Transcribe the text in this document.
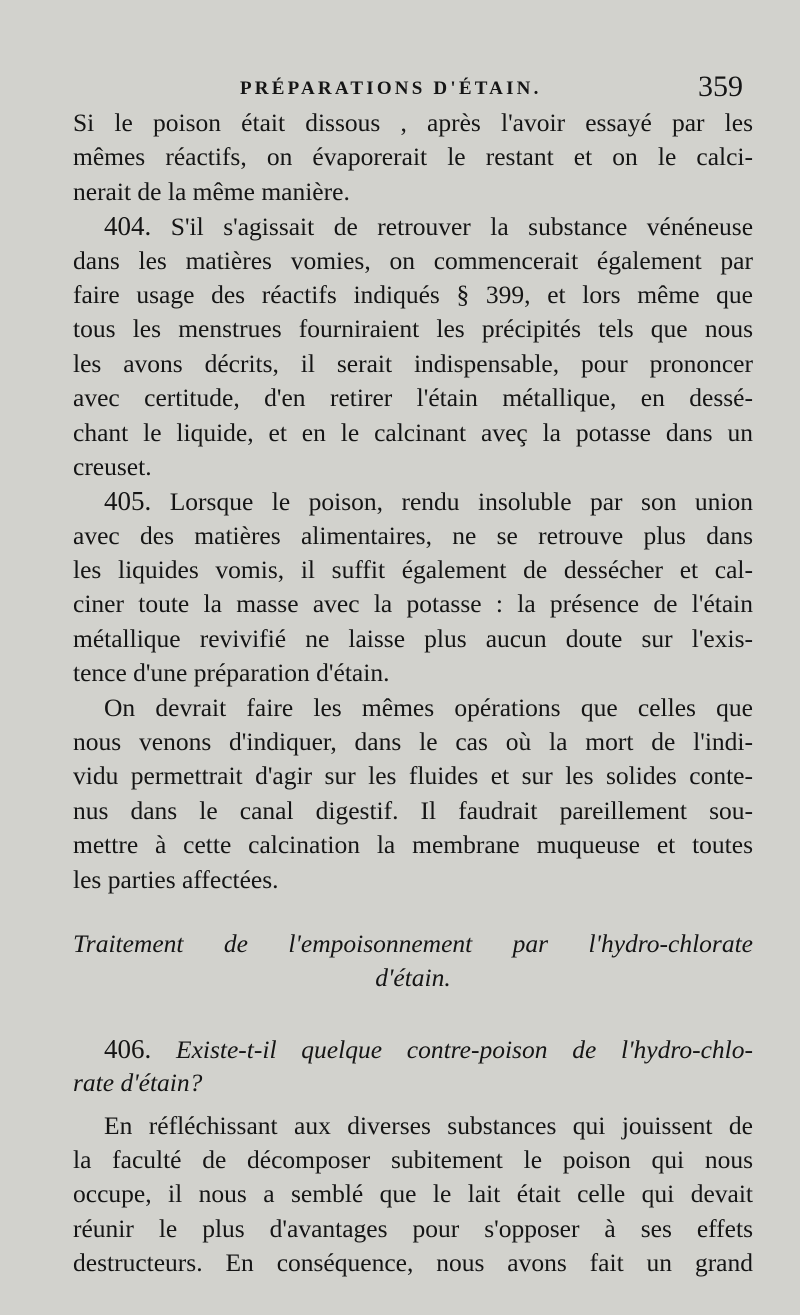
PRÉPARATIONS D'ÉTAIN.	359
Si le poison était dissous , après l'avoir essayé par les
mêmes réactifs, on évaporerait le restant et on le calci-
nerait de la même manière.
404. S'il s'agissait de retrouver la substance vénéneuse
dans les matières vomies, on commencerait également par
faire usage des réactifs indiqués § 399, et lors même que
tous les menstrues fourniraient les précipités tels que nous
les avons décrits, il serait indispensable, pour prononcer
avec certitude, d'en retirer l'étain métallique, en dessé-
chant le liquide, et en le calcinant aveç la potasse dans un
creuset.
405. Lorsque le poison, rendu insoluble par son union
avec des matières alimentaires, ne se retrouve plus dans
les liquides vomis, il suffit également de dessécher et cal-
ciner toute la masse avec la potasse : la présence de l'étain
métallique revivifié ne laisse plus aucun doute sur l'exis-
tence d'une préparation d'étain.
On devrait faire les mêmes opérations que celles que
nous venons d'indiquer, dans le cas où la mort de l'indi-
vidu permettrait d'agir sur les fluides et sur les solides conte-
nus dans le canal digestif. Il faudrait pareillement sou-
mettre à cette calcination la membrane muqueuse et toutes
les parties affectées.
Traitement de l'empoisonnement par l'hydro-chlorate
d'étain.
406. Existe-t-il quelque contre-poison de l'hydro-chlo-
rate d'étain?
En réfléchissant aux diverses substances qui jouissent de
la faculté de décomposer subitement le poison qui nous
occupe, il nous a semblé que le lait était celle qui devait
réunir le plus d'avantages pour s'opposer à ses effets
destructeurs. En conséquence, nous avons fait un grand
